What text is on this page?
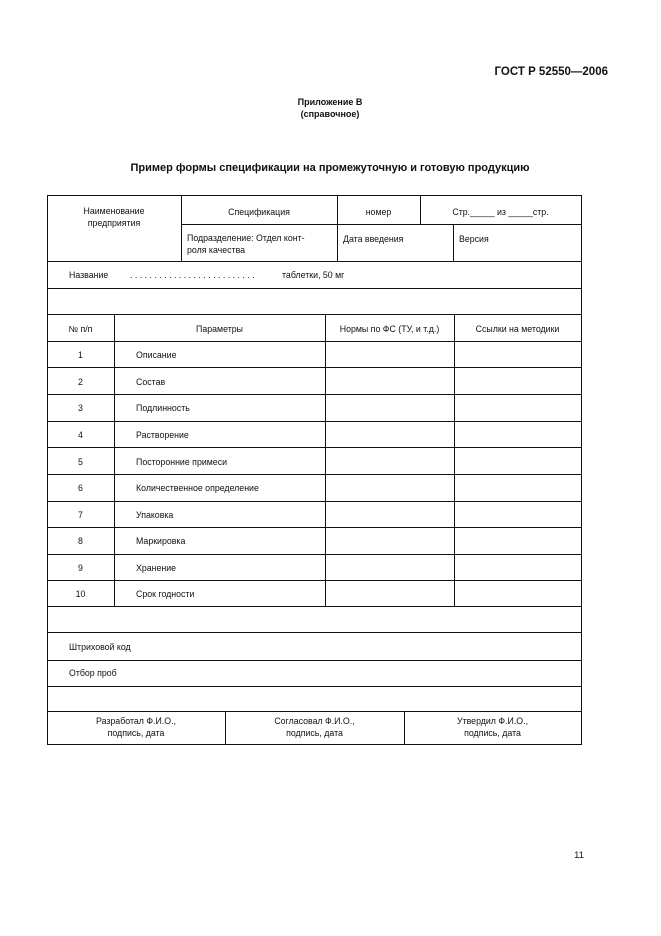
ГОСТ Р 52550—2006
Приложение В
(справочное)
Пример формы спецификации на промежуточную и готовую продукцию
Наименование
предприятия
Спецификация	номер	Стр._____ из _____стр.
Подразделение: Отдел конт-
роля качества
Дата введения	Версия
Название . . . . . . . . . . . . . . . . . . . . . . . . . .	таблетки, 50 мг
№ п/п	Параметры	Нормы по ФС (ТУ, и т.д.)	Ссылки на методики
1	Описание
2	Состав
3	Подлинность
4	Растворение
5	Посторонние примеси
6	Количественное определение
7	Упаковка
8	Маркировка
9	Хранение
10	Срок годности
Штриховой код
Отбор проб
Разработал Ф.И.О.,
подпись, дата
Согласовал Ф.И.О.,
подпись, дата
Утвердил Ф.И.О.,
подпись, дата
11
